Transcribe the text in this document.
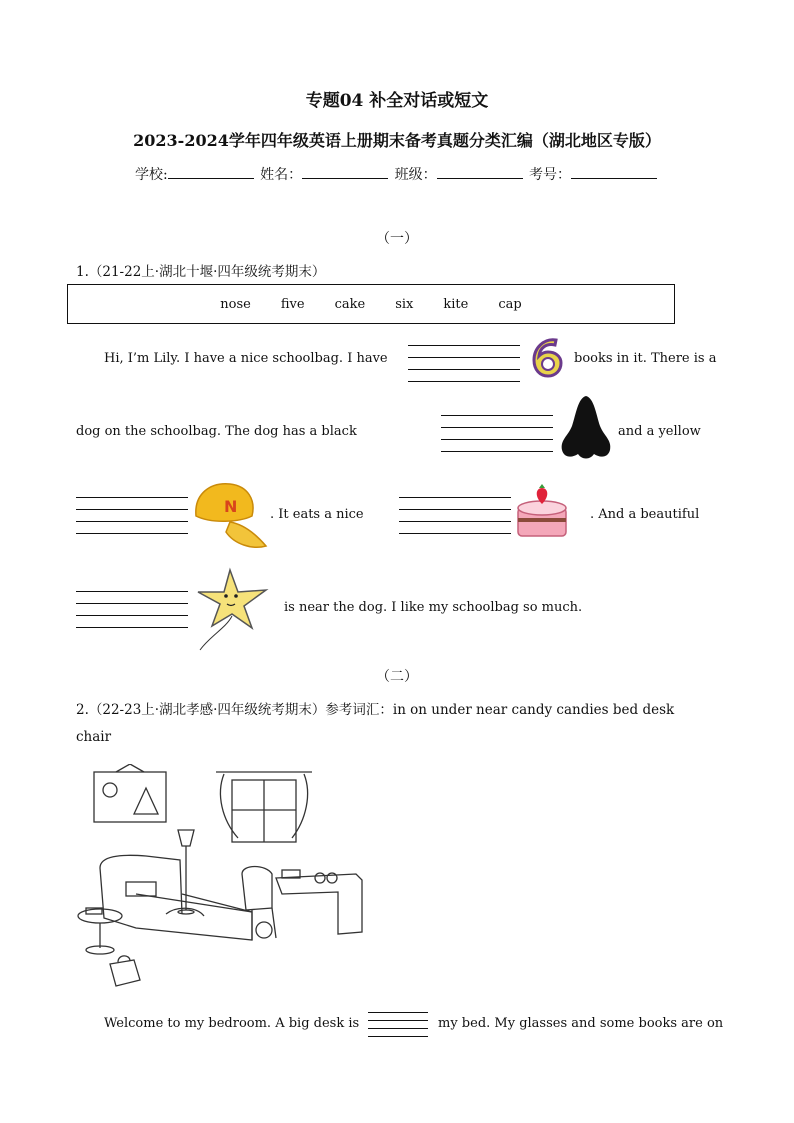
专题04 补全对话或短文
2023-2024学年四年级英语上册期末备考真题分类汇编（湖北地区专版）
学校:	姓名：	班级：	考号：
（一）
1.（21-22上·湖北十堰·四年级统考期末）
nose five cake six kite cap
Hi, I’m Lily. I have a nice schoolbag. I have	books in it. There is a
dog on the schoolbag. The dog has a black	and a yellow
N	. It eats a nice	. And a beautiful
is near the dog. I like my schoolbag so much.
（二）
2.（22-23上·湖北孝感·四年级统考期末）参考词汇：in on under near candy candies bed desk
chair
Welcome to my bedroom. A big desk is	my bed. My glasses and some books are on
